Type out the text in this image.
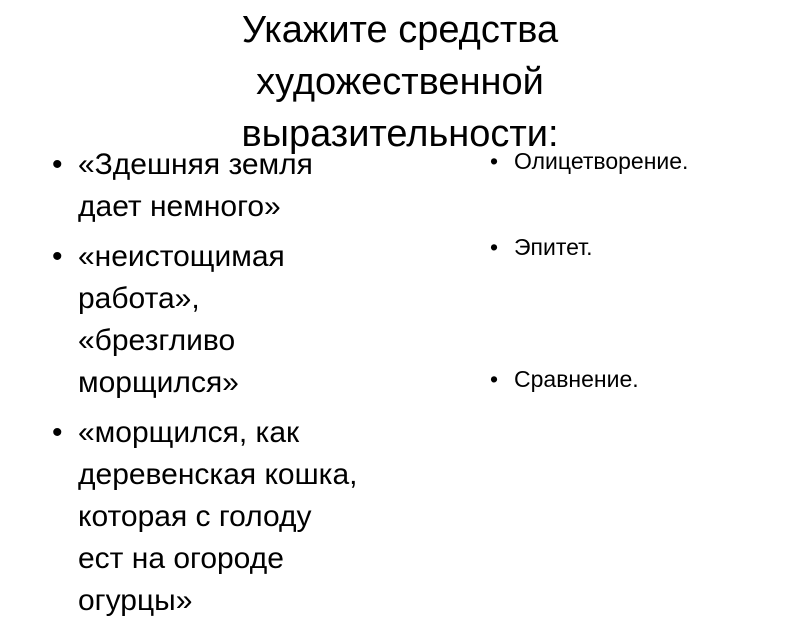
Укажите средства
художественной
выразительности:
• «Здешняя земля
дает немного»
• «неистощимая
работа»,
«брезгливо
морщился»
• «морщился, как
деревенская кошка,
которая с голоду
ест на огороде
огурцы»
• Олицетворение.
• Эпитет.
• Сравнение.
